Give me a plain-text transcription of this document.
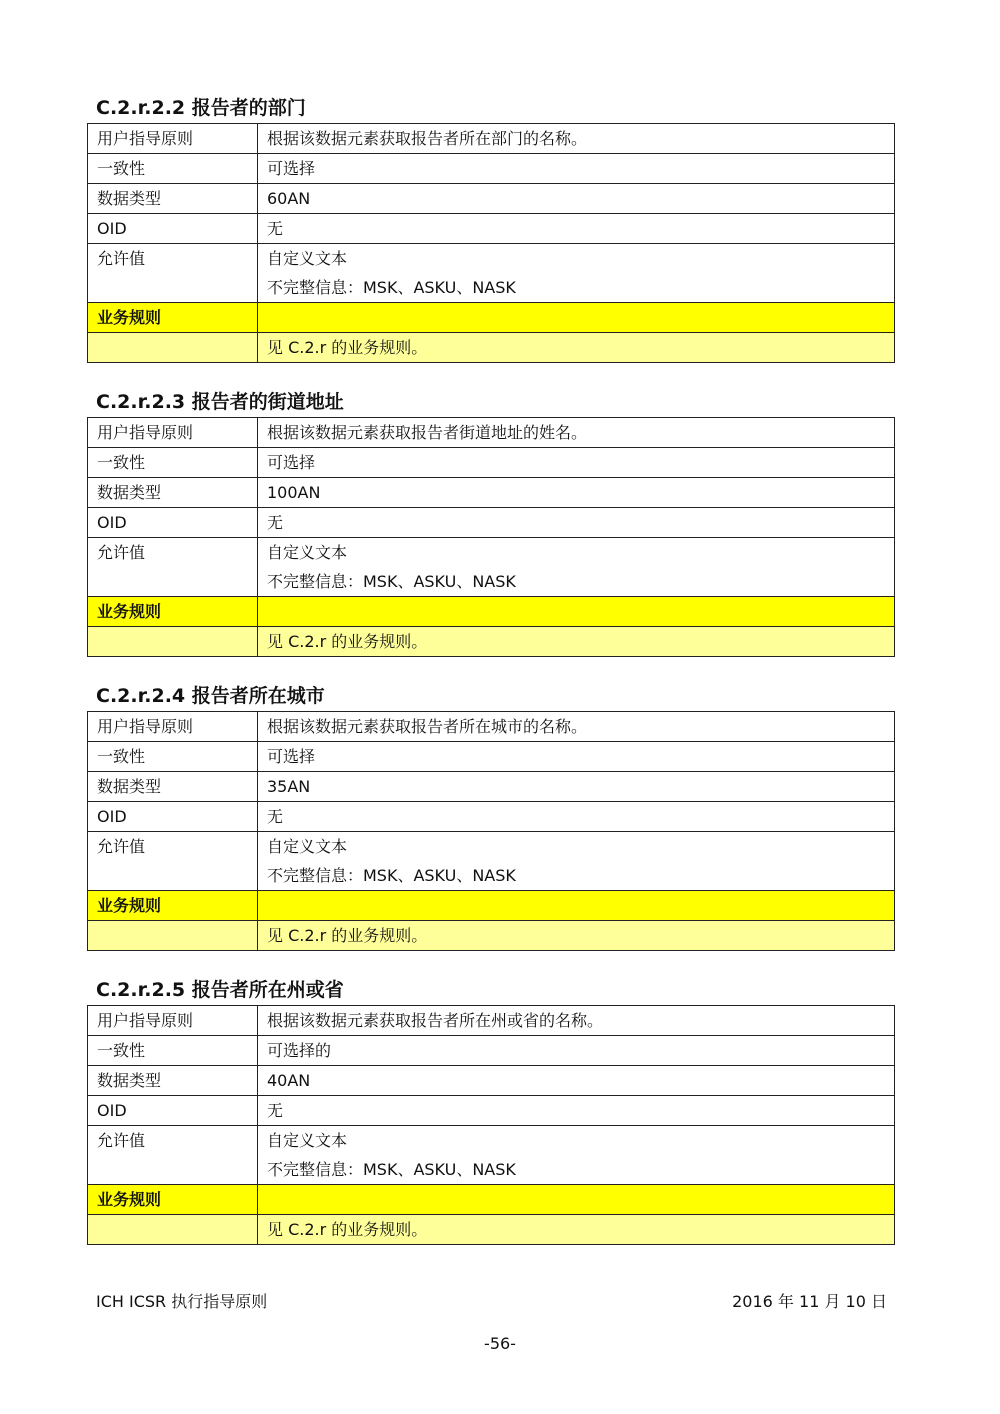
C.2.r.2.2 报告者的部门
用户指导原则	根据该数据元素获取报告者所在部门的名称。
一致性	可选择
数据类型	60AN
OID	无
允许值	自定义文本
不完整信息：MSK、ASKU、NASK

业务规则	
	见 C.2.r 的业务规则。
C.2.r.2.3 报告者的街道地址
用户指导原则	根据该数据元素获取报告者街道地址的姓名。
一致性	可选择
数据类型	100AN
OID	无
允许值	自定义文本
不完整信息：MSK、ASKU、NASK

业务规则	
	见 C.2.r 的业务规则。
C.2.r.2.4 报告者所在城市
用户指导原则	根据该数据元素获取报告者所在城市的名称。
一致性	可选择
数据类型	35AN
OID	无
允许值	自定义文本
不完整信息：MSK、ASKU、NASK

业务规则	
	见 C.2.r 的业务规则。
C.2.r.2.5 报告者所在州或省
用户指导原则	根据该数据元素获取报告者所在州或省的名称。
一致性	可选择的
数据类型	40AN
OID	无
允许值	自定义文本
不完整信息：MSK、ASKU、NASK

业务规则	
	见 C.2.r 的业务规则。
ICH ICSR 执行指导原则	2016 年 11 月 10 日
-56-
